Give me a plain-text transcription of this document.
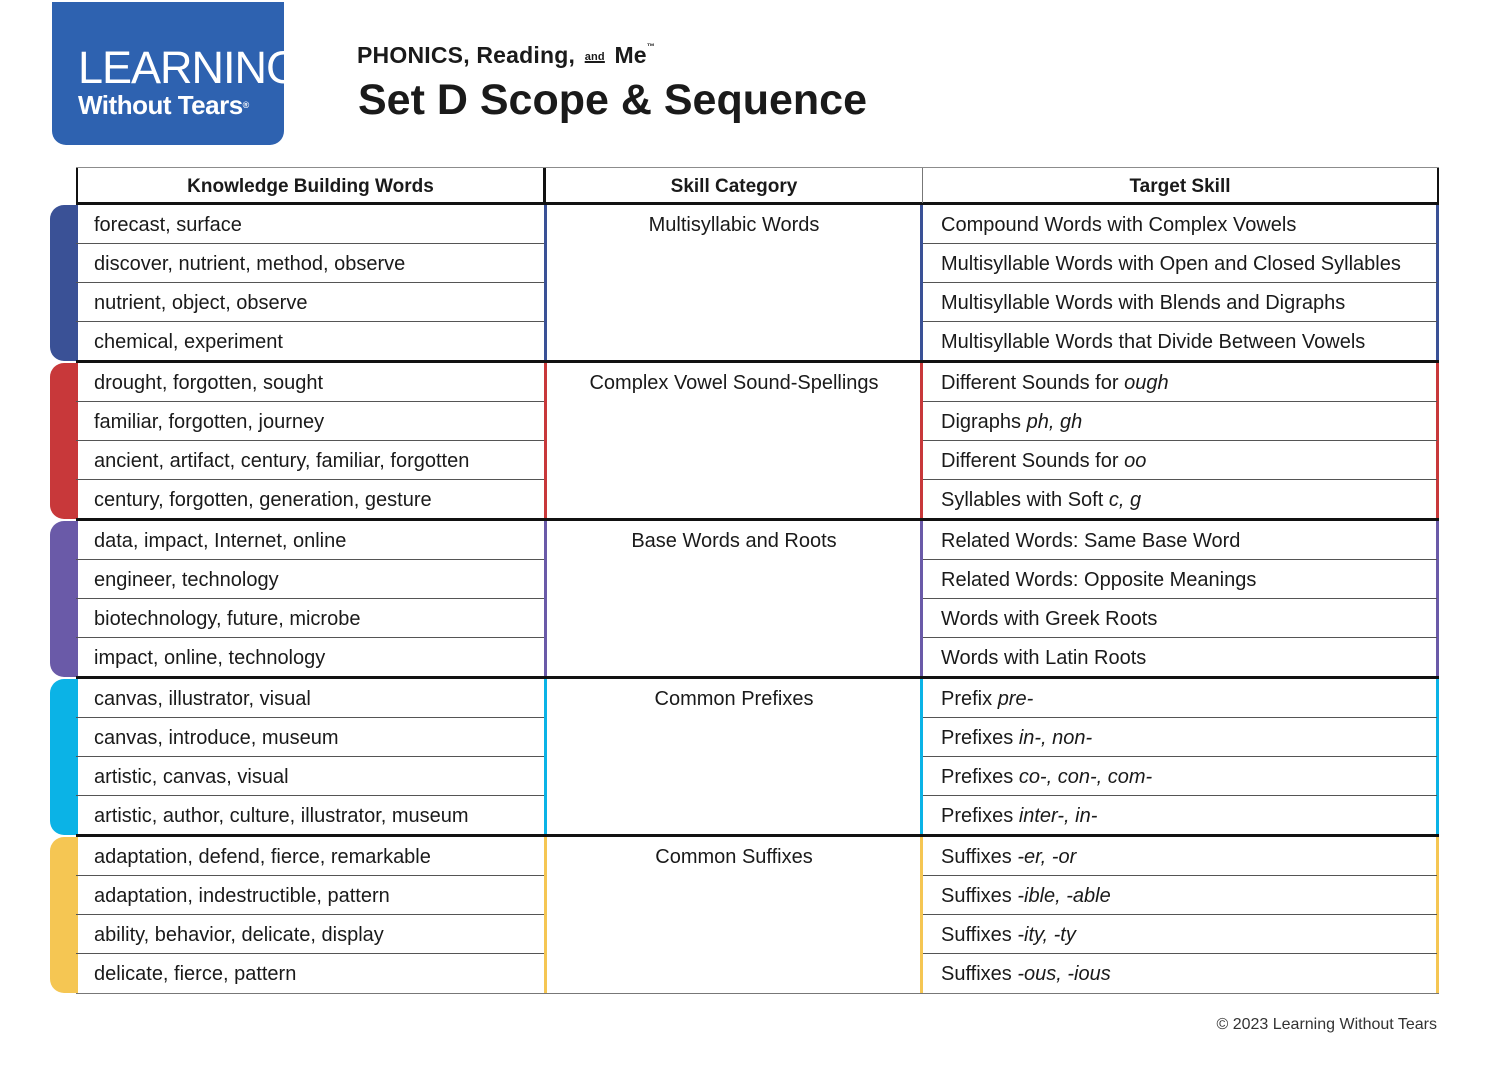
LEARNING
Without Tears®
PHONICS, Reading, and Me™
Set D Scope & Sequence
Knowledge Building Words	Skill Category	Target Skill
Multisyllabic Words
forecast, surface	Compound Words with Complex Vowels
discover, nutrient, method, observe	Multisyllable Words with Open and Closed Syllables
nutrient, object, observe	Multisyllable Words with Blends and Digraphs
chemical, experiment	Multisyllable Words that Divide Between Vowels
Complex Vowel Sound-Spellings
drought, forgotten, sought	Different Sounds for ough
familiar, forgotten, journey	Digraphs ph, gh
ancient, artifact, century, familiar, forgotten	Different Sounds for oo
century, forgotten, generation, gesture	Syllables with Soft c, g
Base Words and Roots
data, impact, Internet, online	Related Words: Same Base Word
engineer, technology	Related Words: Opposite Meanings
biotechnology, future, microbe	Words with Greek Roots
impact, online, technology	Words with Latin Roots
Common Prefixes
canvas, illustrator, visual	Prefix pre-
canvas, introduce, museum	Prefixes in-, non-
artistic, canvas, visual	Prefixes co-, con-, com-
artistic, author, culture, illustrator, museum	Prefixes inter-, in-
Common Suffixes
adaptation, defend, fierce, remarkable	Suffixes -er, -or
adaptation, indestructible, pattern	Suffixes -ible, -able
ability, behavior, delicate, display	Suffixes -ity, -ty
delicate, fierce, pattern	Suffixes -ous, -ious
© 2023 Learning Without Tears
